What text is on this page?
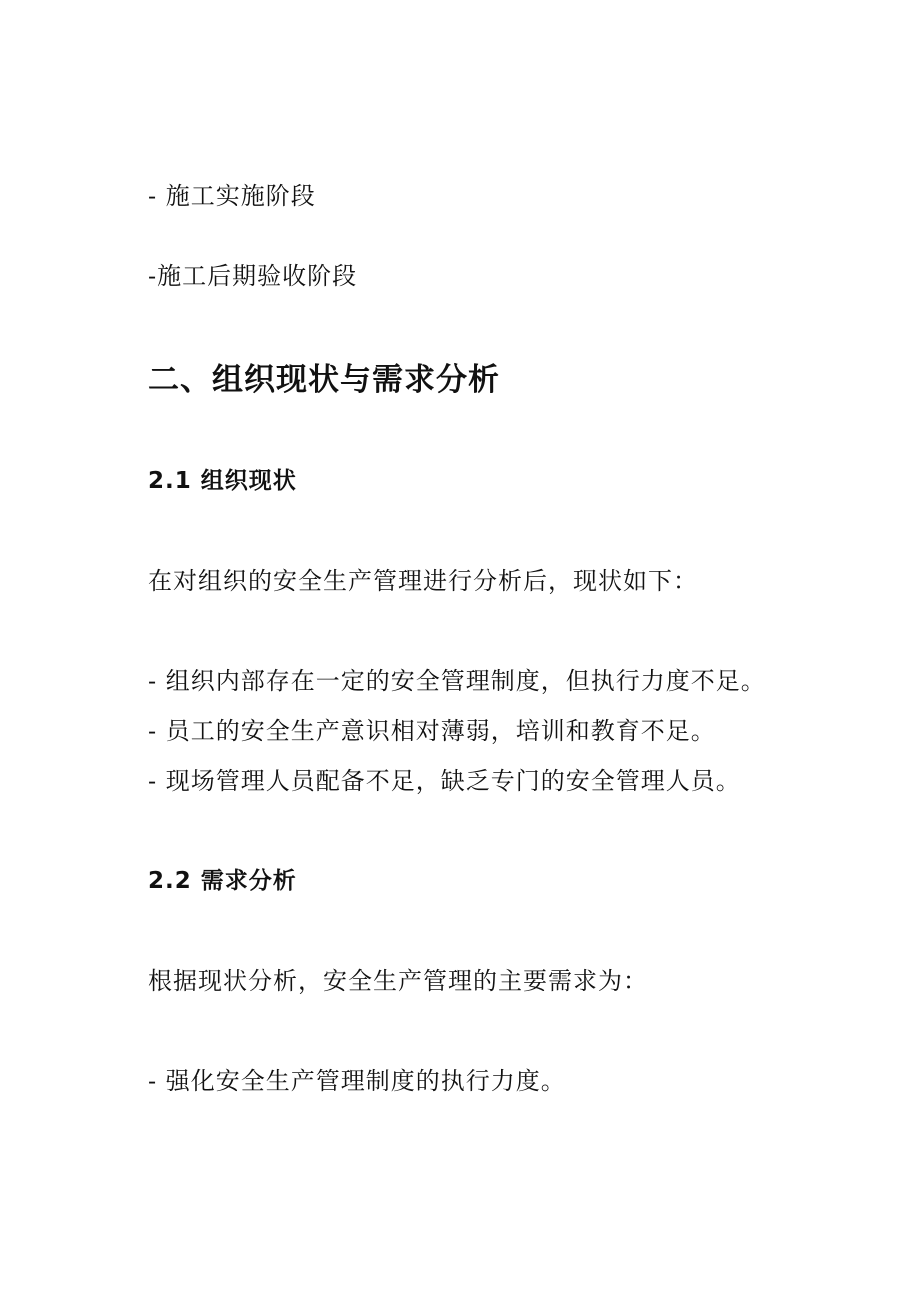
- 施工实施阶段
-施工后期验收阶段
二、组织现状与需求分析
2.1 组织现状
在对组织的安全生产管理进行分析后，现状如下：
- 组织内部存在一定的安全管理制度，但执行力度不足。
- 员工的安全生产意识相对薄弱，培训和教育不足。
- 现场管理人员配备不足，缺乏专门的安全管理人员。
2.2 需求分析
根据现状分析，安全生产管理的主要需求为：
- 强化安全生产管理制度的执行力度。
